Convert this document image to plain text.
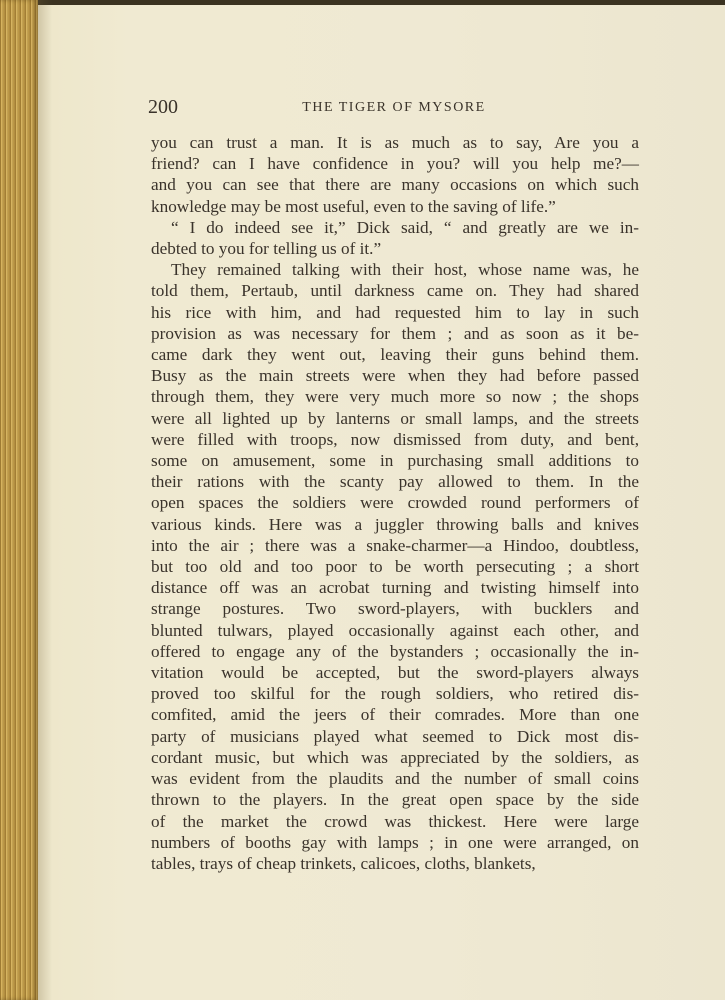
200	THE TIGER OF MYSORE
you can trust a man. It is as much as to say, Are you a
friend? can I have confidence in you? will you help me?—
and you can see that there are many occasions on which such
knowledge may be most useful, even to the saving of life.”
“ I do indeed see it,” Dick said, “ and greatly are we in-
debted to you for telling us of it.”
They remained talking with their host, whose name was, he
told them, Pertaub, until darkness came on. They had shared
his rice with him, and had requested him to lay in such
provision as was necessary for them ; and as soon as it be-
came dark they went out, leaving their guns behind them.
Busy as the main streets were when they had before passed
through them, they were very much more so now ; the shops
were all lighted up by lanterns or small lamps, and the streets
were filled with troops, now dismissed from duty, and bent,
some on amusement, some in purchasing small additions to
their rations with the scanty pay allowed to them. In the
open spaces the soldiers were crowded round performers of
various kinds. Here was a juggler throwing balls and knives
into the air ; there was a snake-charmer—a Hindoo, doubtless,
but too old and too poor to be worth persecuting ; a short
distance off was an acrobat turning and twisting himself into
strange postures. Two sword-players, with bucklers and
blunted tulwars, played occasionally against each other, and
offered to engage any of the bystanders ; occasionally the in-
vitation would be accepted, but the sword-players always
proved too skilful for the rough soldiers, who retired dis-
comfited, amid the jeers of their comrades. More than one
party of musicians played what seemed to Dick most dis-
cordant music, but which was appreciated by the soldiers, as
was evident from the plaudits and the number of small coins
thrown to the players. In the great open space by the side
of the market the crowd was thickest. Here were large
numbers of booths gay with lamps ; in one were arranged, on
tables, trays of cheap trinkets, calicoes, cloths, blankets,
